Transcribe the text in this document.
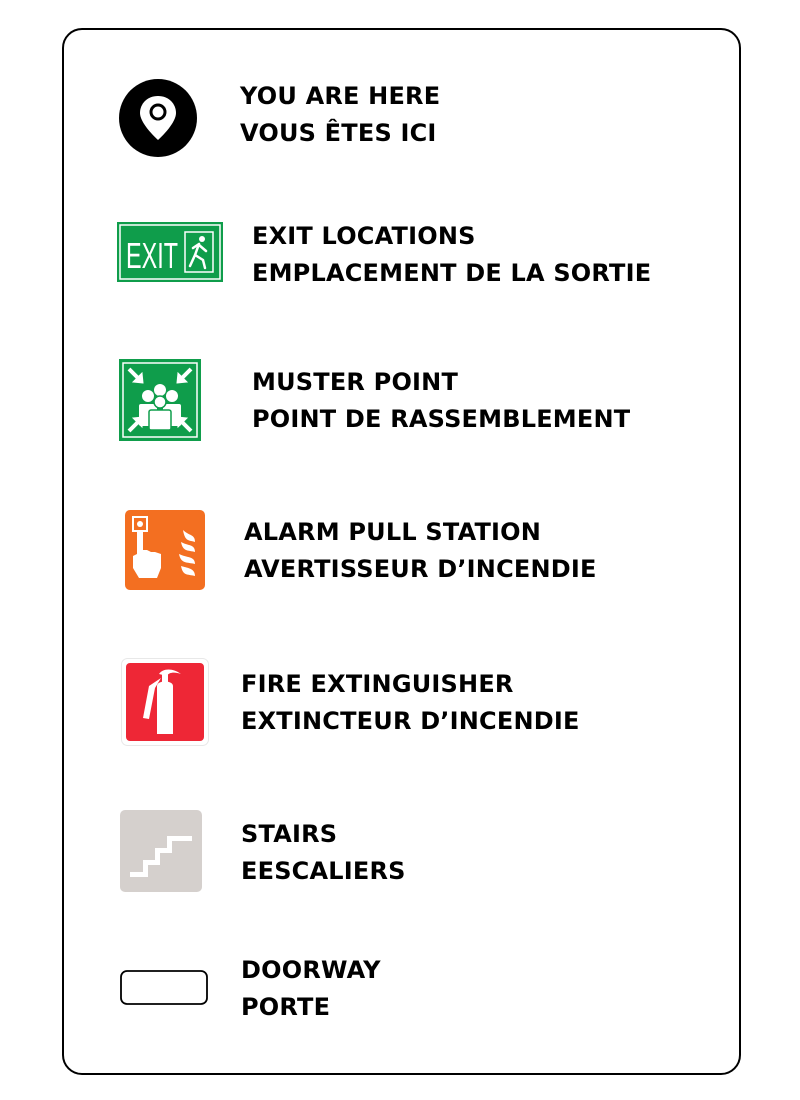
YOU ARE HERE
VOUS ÊTES ICI
EXIT	EXIT LOCATIONS
EMPLACEMENT DE LA SORTIE
MUSTER POINT
POINT DE RASSEMBLEMENT
ALARM PULL STATION
AVERTISSEUR D’INCENDIE
FIRE EXTINGUISHER
EXTINCTEUR D’INCENDIE
STAIRS
EESCALIERS
DOORWAY
PORTE
